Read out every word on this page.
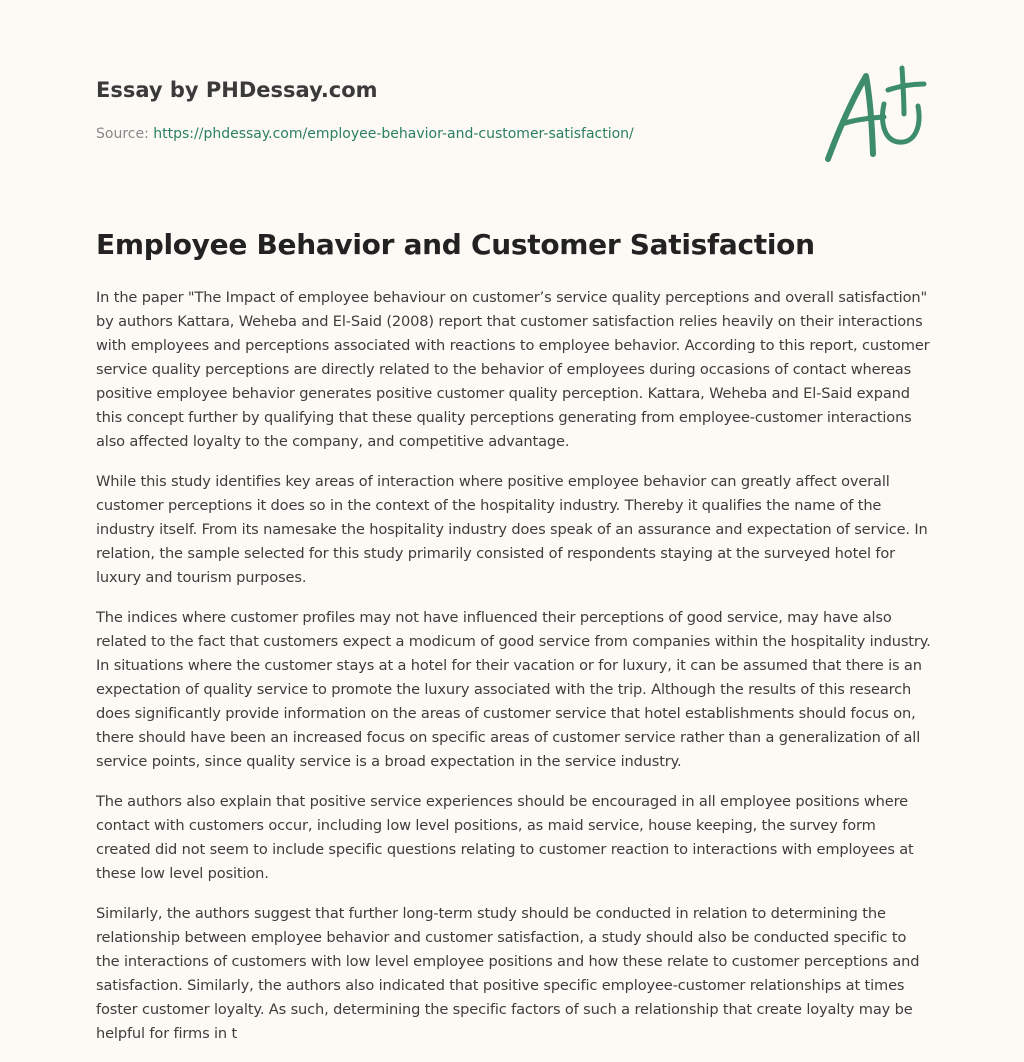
Essay by PHDessay.com
Source: https://phdessay.com/employee-behavior-and-customer-satisfaction/
Employee Behavior and Customer Satisfaction

In the paper "The Impact of employee behaviour on customer’s service quality perceptions and overall satisfaction" by authors Kattara, Weheba and El-Said (2008) report that customer satisfaction relies heavily on their interactions with employees and perceptions associated with reactions to employee behavior. According to this report, customer service quality perceptions are directly related to the behavior of employees during occasions of contact whereas positive employee behavior generates positive customer quality perception. Kattara, Weheba and El-Said expand this concept further by qualifying that these quality perceptions generating from employee-customer interactions also affected loyalty to the company, and competitive advantage.

While this study identifies key areas of interaction where positive employee behavior can greatly affect overall customer perceptions it does so in the context of the hospitality industry. Thereby it qualifies the name of the industry itself. From its namesake the hospitality industry does speak of an assurance and expectation of service. In relation, the sample selected for this study primarily consisted of respondents staying at the surveyed hotel for luxury and tourism purposes.

The indices where customer profiles may not have influenced their perceptions of good service, may have also related to the fact that customers expect a modicum of good service from companies within the hospitality industry. In situations where the customer stays at a hotel for their vacation or for luxury, it can be assumed that there is an expectation of quality service to promote the luxury associated with the trip. Although the results of this research does significantly provide information on the areas of customer service that hotel establishments should focus on, there should have been an increased focus on specific areas of customer service rather than a generalization of all service points, since quality service is a broad expectation in the service industry.

The authors also explain that positive service experiences should be encouraged in all employee positions where contact with customers occur, including low level positions, as maid service, house keeping, the survey form created did not seem to include specific questions relating to customer reaction to interactions with employees at these low level position.

Similarly, the authors suggest that further long-term study should be conducted in relation to determining the relationship between employee behavior and customer satisfaction, a study should also be conducted specific to the interactions of customers with low level employee positions and how these relate to customer perceptions and satisfaction. Similarly, the authors also indicated that positive specific employee-customer relationships at times foster customer loyalty. As such, determining the specific factors of such a relationship that create loyalty may be helpful for firms in t
